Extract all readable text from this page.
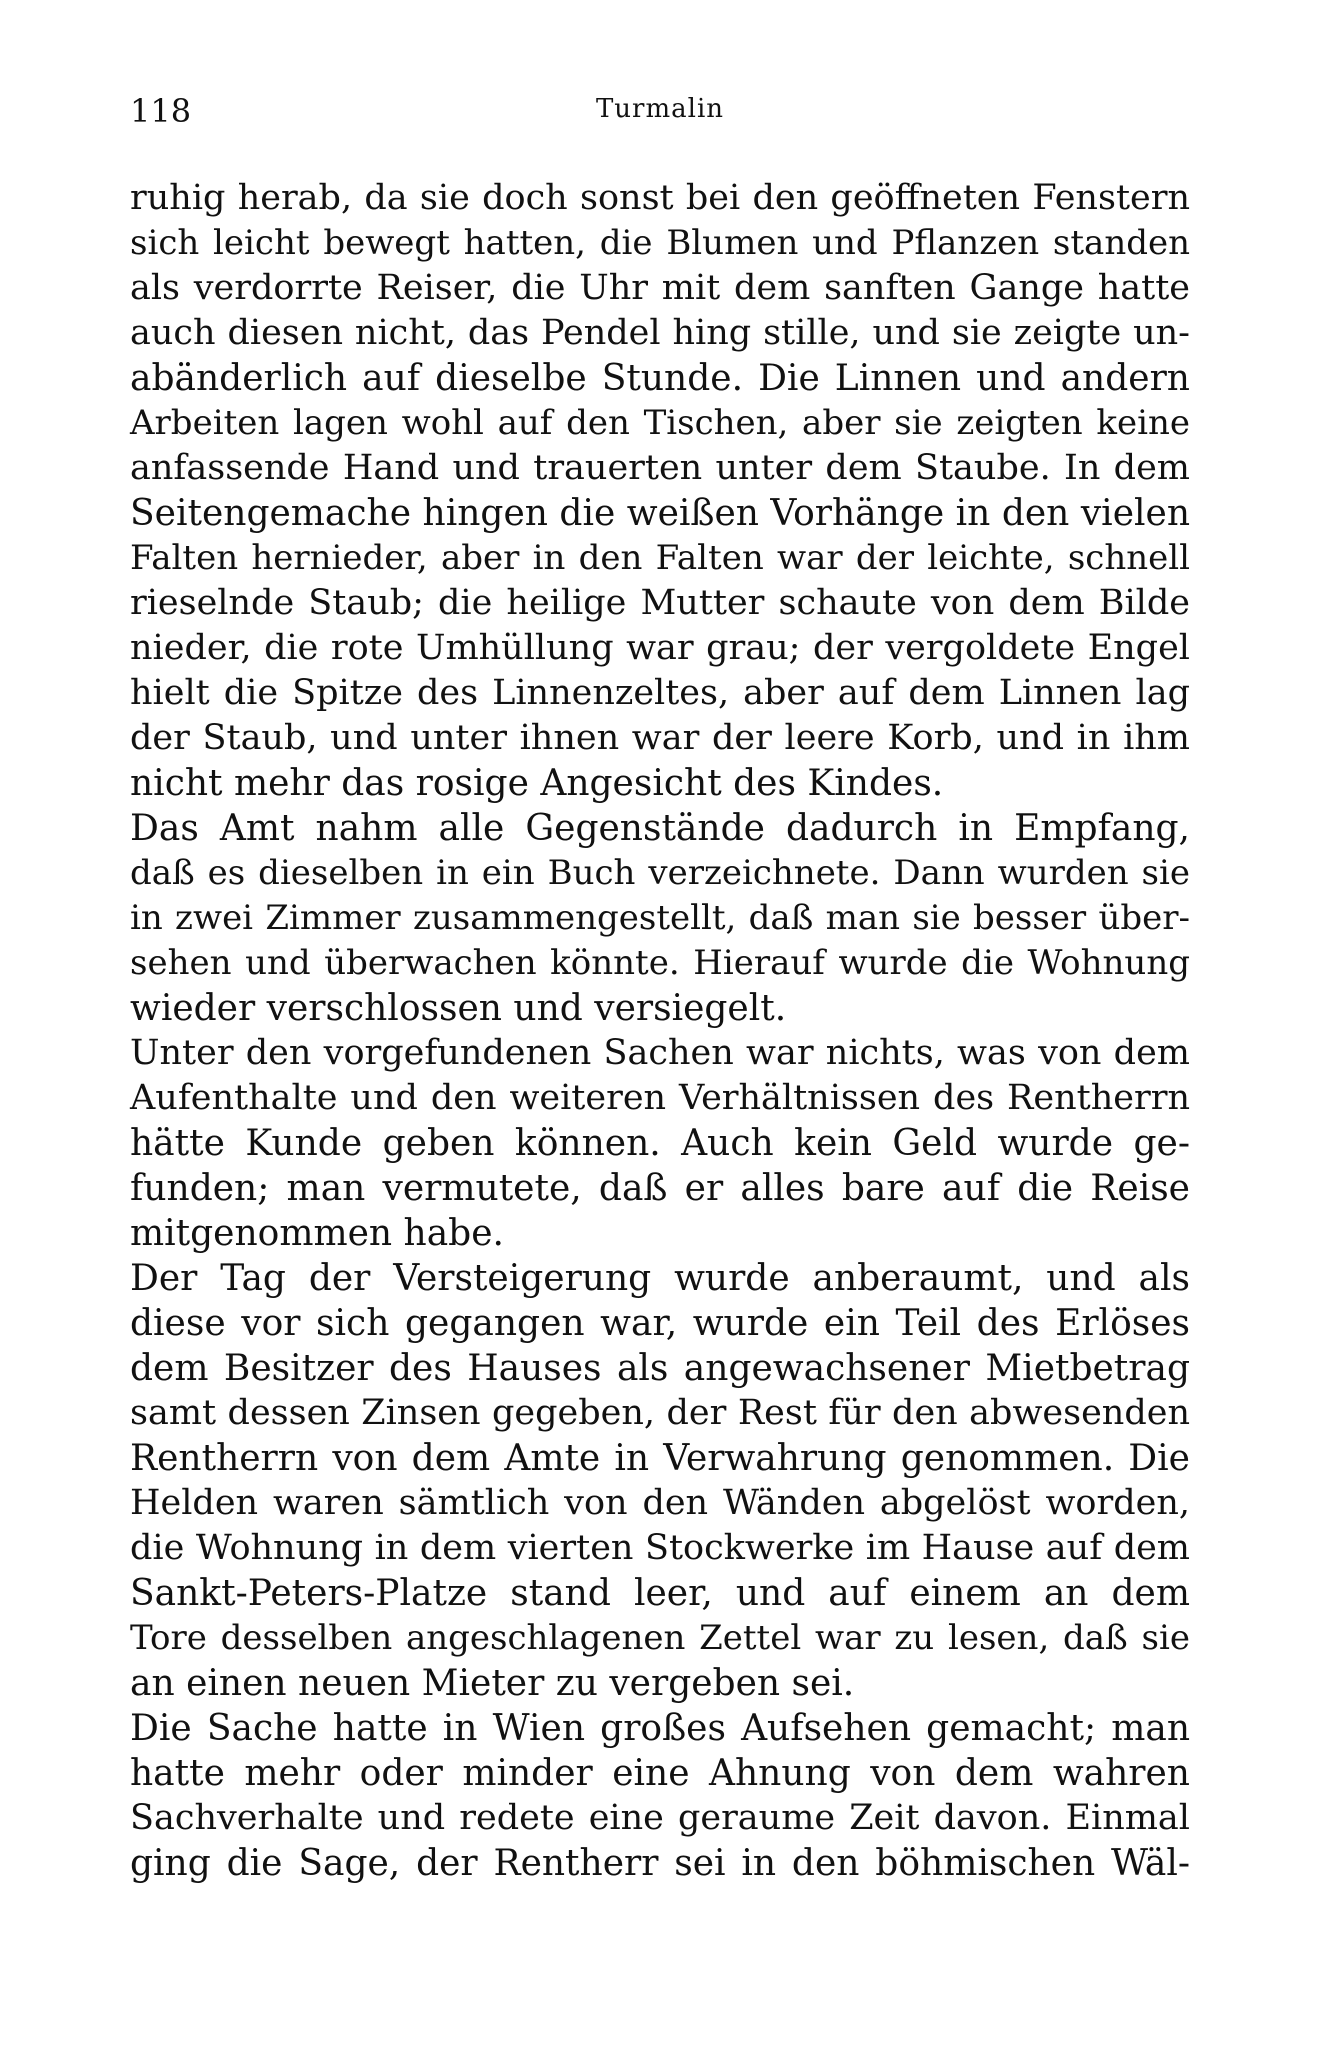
118	Turmalin
ruhig herab, da sie doch sonst bei den geöffneten Fenstern
sich leicht bewegt hatten, die Blumen und Pflanzen standen
als verdorrte Reiser, die Uhr mit dem sanften Gange hatte
auch diesen nicht, das Pendel hing stille, und sie zeigte un-
abänderlich auf dieselbe Stunde. Die Linnen und andern
Arbeiten lagen wohl auf den Tischen, aber sie zeigten keine
anfassende Hand und trauerten unter dem Staube. In dem
Seitengemache hingen die weißen Vorhänge in den vielen
Falten hernieder, aber in den Falten war der leichte, schnell
rieselnde Staub; die heilige Mutter schaute von dem Bilde
nieder, die rote Umhüllung war grau; der vergoldete Engel
hielt die Spitze des Linnenzeltes, aber auf dem Linnen lag
der Staub, und unter ihnen war der leere Korb, und in ihm
nicht mehr das rosige Angesicht des Kindes.
Das Amt nahm alle Gegenstände dadurch in Empfang,
daß es dieselben in ein Buch verzeichnete. Dann wurden sie
in zwei Zimmer zusammengestellt, daß man sie besser über-
sehen und überwachen könnte. Hierauf wurde die Wohnung
wieder verschlossen und versiegelt.
Unter den vorgefundenen Sachen war nichts, was von dem
Aufenthalte und den weiteren Verhältnissen des Rentherrn
hätte Kunde geben können. Auch kein Geld wurde ge-
funden; man vermutete, daß er alles bare auf die Reise
mitgenommen habe.
Der Tag der Versteigerung wurde anberaumt, und als
diese vor sich gegangen war, wurde ein Teil des Erlöses
dem Besitzer des Hauses als angewachsener Mietbetrag
samt dessen Zinsen gegeben, der Rest für den abwesenden
Rentherrn von dem Amte in Verwahrung genommen. Die
Helden waren sämtlich von den Wänden abgelöst worden,
die Wohnung in dem vierten Stockwerke im Hause auf dem
Sankt-Peters-Platze stand leer, und auf einem an dem
Tore desselben angeschlagenen Zettel war zu lesen, daß sie
an einen neuen Mieter zu vergeben sei.
Die Sache hatte in Wien großes Aufsehen gemacht; man
hatte mehr oder minder eine Ahnung von dem wahren
Sachverhalte und redete eine geraume Zeit davon. Einmal
ging die Sage, der Rentherr sei in den böhmischen Wäl-
